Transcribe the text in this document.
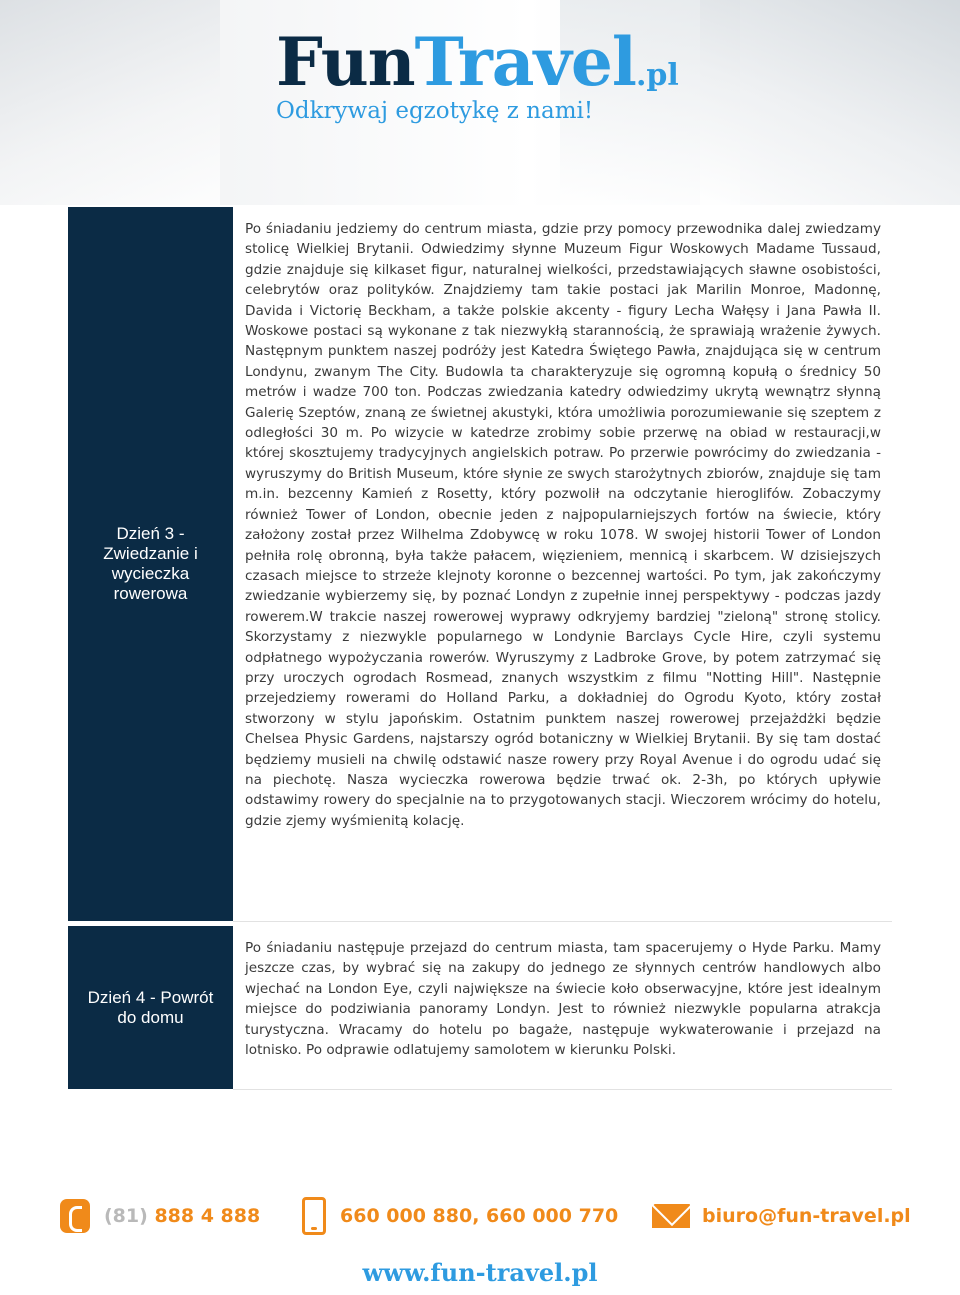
FunTravel.pl
Odkrywaj egzotykę z nami!
Dzień 3 - Zwiedzanie i wycieczka rowerowa
Po śniadaniu jedziemy do centrum miasta, gdzie przy pomocy przewodnika dalej zwiedzamy stolicę Wielkiej Brytanii. Odwiedzimy słynne Muzeum Figur Woskowych Madame Tussaud, gdzie znajduje się kilkaset figur, naturalnej wielkości, przedstawiających sławne osobistości, celebrytów oraz polityków. Znajdziemy tam takie postaci jak Marilin Monroe, Madonnę, Davida i Victorię Beckham, a także polskie akcenty - figury Lecha Wałęsy i Jana Pawła II. Woskowe postaci są wykonane z tak niezwykłą starannością, że sprawiają wrażenie żywych. Następnym punktem naszej podróży jest Katedra Świętego Pawła, znajdująca się w centrum Londynu, zwanym The City. Budowla ta charakteryzuje się ogromną kopułą o średnicy 50 metrów i wadze 700 ton. Podczas zwiedzania katedry odwiedzimy ukrytą wewnątrz słynną Galerię Szeptów, znaną ze świetnej akustyki, która umożliwia porozumiewanie się szeptem z odległości 30 m. Po wizycie w katedrze zrobimy sobie przerwę na obiad w restauracji,w której skosztujemy tradycyjnych angielskich potraw. Po przerwie powrócimy do zwiedzania - wyruszymy do British Museum, które słynie ze swych starożytnych zbiorów, znajduje się tam m.in. bezcenny Kamień z Rosetty, który pozwolił na odczytanie hieroglifów. Zobaczymy również Tower of London, obecnie jeden z najpopularniejszych fortów na świecie, który założony został przez Wilhelma Zdobywcę w roku 1078. W swojej historii Tower of London pełniła rolę obronną, była także pałacem, więzieniem, mennicą i skarbcem. W dzisiejszych czasach miejsce to strzeże klejnoty koronne o bezcennej wartości. Po tym, jak zakończymy zwiedzanie wybierzemy się, by poznać Londyn z zupełnie innej perspektywy - podczas jazdy rowerem.W trakcie naszej rowerowej wyprawy odkryjemy bardziej "zieloną" stronę stolicy. Skorzystamy z niezwykle popularnego w Londynie Barclays Cycle Hire, czyli systemu odpłatnego wypożyczania rowerów. Wyruszymy z Ladbroke Grove, by potem zatrzymać się przy uroczych ogrodach Rosmead, znanych wszystkim z filmu "Notting Hill". Następnie przejedziemy rowerami do Holland Parku, a dokładniej do Ogrodu Kyoto, który został stworzony w stylu japońskim. Ostatnim punktem naszej rowerowej przejażdżki będzie Chelsea Physic Gardens, najstarszy ogród botaniczny w Wielkiej Brytanii. By się tam dostać będziemy musieli na chwilę odstawić nasze rowery przy Royal Avenue i do ogrodu udać się na piechotę. Nasza wycieczka rowerowa będzie trwać ok. 2-3h, po których upływie odstawimy rowery do specjalnie na to przygotowanych stacji. Wieczorem wrócimy do hotelu, gdzie zjemy wyśmienitą kolację.
Dzień 4 - Powrót do domu
Po śniadaniu następuje przejazd do centrum miasta, tam spacerujemy o Hyde Parku. Mamy jeszcze czas, by wybrać się na zakupy do jednego ze słynnych centrów handlowych albo wjechać na London Eye, czyli największe na świecie koło obserwacyjne, które jest idealnym miejsce do podziwiania panoramy Londyn. Jest to również niezwykle popularna atrakcja turystyczna. Wracamy do hotelu po bagaże, następuje wykwaterowanie i przejazd na lotnisko. Po odprawie odlatujemy samolotem w kierunku Polski.
(81) 888 4 888	660 000 880, 660 000 770	biuro@fun-travel.pl
www.fun-travel.pl
